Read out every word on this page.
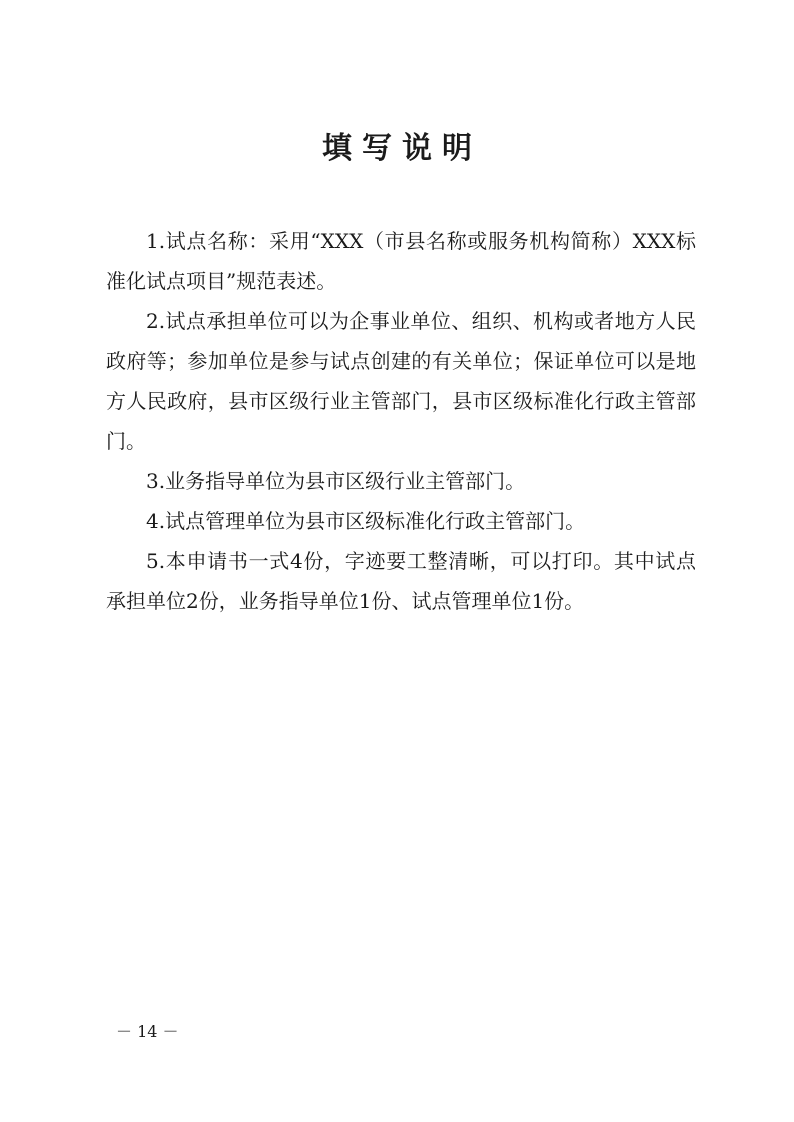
填写说明

1.试点名称：采用“XXX（市县名称或服务机构简称）XXX标准化试点项目”规范表述。

2.试点承担单位可以为企事业单位、组织、机构或者地方人民政府等；参加单位是参与试点创建的有关单位；保证单位可以是地方人民政府，县市区级行业主管部门，县市区级标准化行政主管部门。

3.业务指导单位为县市区级行业主管部门。

4.试点管理单位为县市区级标准化行政主管部门。

5.本申请书一式4份，字迹要工整清晰，可以打印。其中试点承担单位2份，业务指导单位1份、试点管理单位1份。

－ 14 －
